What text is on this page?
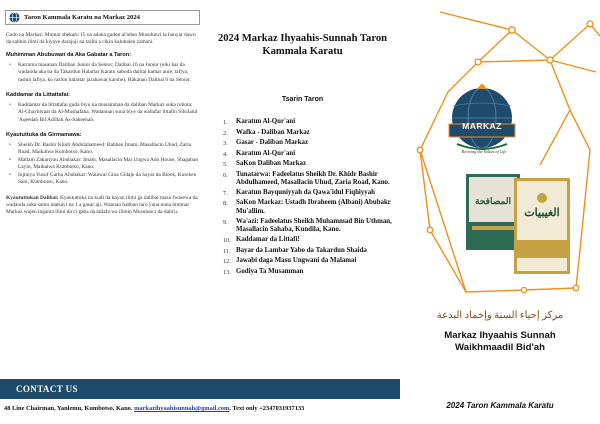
Taron Kammala Karatu na Markaz 2024

Gado na Markaz: Mumar shekaru 15 na adana gadon al'adun Musulunci ta hanyar dawo da sabbin ilimi da kiyaye darajoji na tarihi a cikin kalubalen zamani.

Muhimman Abubuwan da Aka Gabatar a Taron:
• Karrama masanan Daliban Junior da Senior; Dalibai 16 na Junior (eiki har da wadanda aka ba da Takardun Halartar Karatu saboda dalilai kamar aure, tafiya, rashin lafiya, ko rashin halartar jarabawar karshe). Hakanan Dalibai 6 na Senior.
Kaddamar da Littattafai:
• Kaddamar da littattafai guda biyu na musamman da daliban Markaz suka rubuta: Al-Ghaybiyaat da Al-Mushafaha. Wadannan suna biye da wallafar littafin Silsilatul 'Aqeedah Bil Adillati As-Saheehah.
Kyaututtuka da Girmamawa:
• Sheikh Dr. Bashir Khidr Abdulahameed: Babban Imam, Masallacin Uhud, Zaria Road, Maikalwa Kumbotso, Kano.
• Mallam Zakariyau Abubakar: Imam, Masallacin Mai Ungwa Ado House, Shagaban Layin, Maikalwa Kumbotso, Kano.
• Injiniya Yusuf Garba Abubakar: Walawai Gina Gidaje da Sayar da Block, Kureken Sani, Kumbotso, Kano.

Kyaututtukan Dalibai: Kyaututtuka na kudi da kayan ilimi ga dalibai masu fwarewa da wadanda suka samu matsayi na 1 a gasar aji. Wannan babban taro yana nuna himmar Markaz wajen inganta ilimi da ci gaba da tallafa wa ilimin Musulunci da dabi'u.

CONTACT US
48 Line Chairman, Yanlemu, Kumbotso, Kano. markazihyaahisunnah@gmail.com. Text only +2347031937133
2024 Markaz Ihyaahis-Sunnah Taron Kammala Karatu
Tsarin Taron
1.	Karatun Al-Qur'ani
2.	Wafka - Daliban Markaz
3.	Gasar - Daliban Markaz
4.	Karatun Al-Qur'ani
5.	SaKon Daliban Markaz
6.	Tunatarwa: Fadeelatus Sheikh Dr. Khidr Bashir Abdulhameed, Masallacin Uhud, Zaria Road, Kano.
7.	Karatun Bayquniyyah da Qawa'idul Fiqhiyyah
8.	SaKon Markaz: Ustadh Ibraheem (Albani) Abubakr Mu'allim.
9.	Wa'azi: Fadeelatus Sheikh Muhammad Bin Uthman, Masallacin Sahaba, Kundila, Kano.
10. Kaddamar da Littafi!
11. Bayar da Lambar Yabo da Takardun Shaida
12. Jawabi daga Masu Ungwani da Malamai
13. Godiya Ta Musamman
MARKAZ
Reviving the Values of Life
المصافحة
الغيبيات
مركز إحياء السنة وإخماد البدعة
Markaz Ihyaahis Sunnah
Waikhmaadil Bid'ah
2024 Taron Kammala Karatu
